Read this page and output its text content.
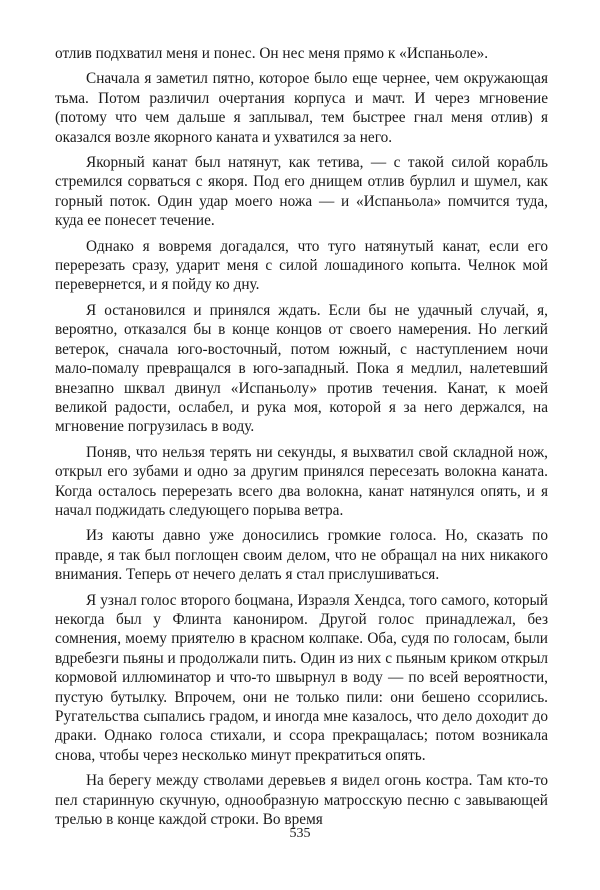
отлив подхватил меня и понес. Он нес меня прямо к «Испаньоле».

Сначала я заметил пятно, которое было еще чернее, чем окружающая тьма. Потом различил очертания корпуса и мачт. И через мгновение (потому что чем дальше я заплывал, тем быстрее гнал меня отлив) я оказался возле якорного каната и ухватился за него.

Якорный канат был натянут, как тетива, — с такой силой корабль стремился сорваться с якоря. Под его днищем отлив бурлил и шумел, как горный поток. Один удар моего ножа — и «Испаньола» помчится туда, куда ее понесет течение.

Однако я вовремя догадался, что туго натянутый канат, если его перерезать сразу, ударит меня с силой лошадиного копыта. Челнок мой перевернется, и я пойду ко дну.

Я остановился и принялся ждать. Если бы не удачный случай, я, вероятно, отказался бы в конце концов от своего намерения. Но легкий ветерок, сначала юго-восточный, потом южный, с наступлением ночи мало-помалу превращался в юго-западный. Пока я медлил, налетевший внезапно шквал двинул «Испаньолу» против течения. Канат, к моей великой радости, ослабел, и рука моя, которой я за него держался, на мгновение погрузилась в воду.

Поняв, что нельзя терять ни секунды, я выхватил свой складной нож, открыл его зубами и одно за другим принялся пересезать волокна каната. Когда осталось перерезать всего два волокна, канат натянулся опять, и я начал поджидать следующего порыва ветра.

Из каюты давно уже доносились громкие голоса. Но, сказать по правде, я так был поглощен своим делом, что не обращал на них никакого внимания. Теперь от нечего делать я стал прислушиваться.

Я узнал голос второго боцмана, Израэля Хендса, того самого, который некогда был у Флинта канониром. Другой голос принадлежал, без сомнения, моему приятелю в красном колпаке. Оба, судя по голосам, были вдребезги пьяны и продолжали пить. Один из них с пьяным криком открыл кормовой иллюминатор и что-то швырнул в воду — по всей вероятности, пустую бутылку. Впрочем, они не только пили: они бешено ссорились. Ругательства сыпались градом, и иногда мне казалось, что дело доходит до драки. Однако голоса стихали, и ссора прекращалась; потом возникала снова, чтобы через несколько минут прекратиться опять.

На берегу между стволами деревьев я видел огонь костра. Там кто-то пел старинную скучную, однообразную матросскую песню с завывающей трелью в конце каждой строки. Во время

535
